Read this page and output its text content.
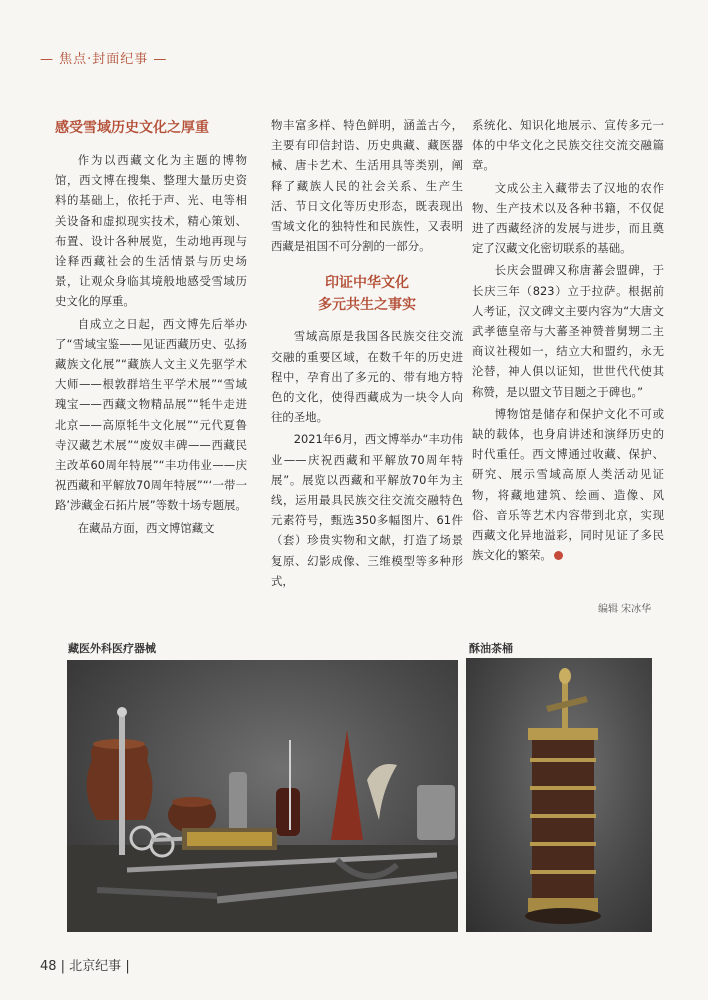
— 焦点·封面纪事 —
感受雪域历史文化之厚重

作为以西藏文化为主题的博物馆，西文博在搜集、整理大量历史资料的基础上，依托于声、光、电等相关设备和虚拟现实技术，精心策划、布置、设计各种展览，生动地再现与诠释西藏社会的生活情景与历史场景，让观众身临其境般地感受雪域历史文化的厚重。

自成立之日起，西文博先后举办了“雪域宝鉴——见证西藏历史、弘扬藏族文化展”“藏族人文主义先驱学术大师——根敦群培生平学术展”“雪域瑰宝——西藏文物精品展”“牦牛走进北京——高原牦牛文化展”“元代夏鲁寺汉藏艺术展”“废奴丰碑——西藏民主改革60周年特展”“丰功伟业——庆祝西藏和平解放70周年特展”“‘一带一路’涉藏金石拓片展”等数十场专题展。

在藏品方面，西文博馆藏文

物丰富多样、特色鲜明，涵盖古今，主要有印信封诰、历史典藏、藏医器械、唐卡艺术、生活用具等类别，阐释了藏族人民的社会关系、生产生活、节日文化等历史形态，既表现出雪域文化的独特性和民族性，又表明西藏是祖国不可分割的一部分。

印证中华文化
多元共生之事实

雪域高原是我国各民族交往交流交融的重要区域，在数千年的历史进程中，孕育出了多元的、带有地方特色的文化，使得西藏成为一块令人向往的圣地。

2021年6月，西文博举办“丰功伟业——庆祝西藏和平解放70周年特展”。展览以西藏和平解放70年为主线，运用最具民族交往交流交融特色元素符号，甄选350多幅图片、61件（套）珍贵实物和文献，打造了场景复原、幻影成像、三维模型等多种形式，

系统化、知识化地展示、宣传多元一体的中华文化之民族交往交流交融篇章。

文成公主入藏带去了汉地的农作物、生产技术以及各种书籍，不仅促进了西藏经济的发展与进步，而且奠定了汉藏文化密切联系的基础。

长庆会盟碑又称唐蕃会盟碑，于长庆三年（823）立于拉萨。根据前人考证，汉文碑文主要内容为“大唐文武孝德皇帝与大蕃圣神赞普舅甥二主商议社稷如一，结立大和盟约，永无沦替，神人俱以证知，世世代代使其称赞，是以盟文节目题之于碑也。”

博物馆是储存和保护文化不可或缺的载体，也身肩讲述和演绎历史的时代重任。西文博通过收藏、保护、研究、展示雪域高原人类活动见证物，将藏地建筑、绘画、造像、风俗、音乐等艺术内容带到北京，实现西藏文化异地溢彩，同时见证了多民族文化的繁荣。

编辑 宋冰华
藏医外科医疗器械	酥油茶桶
48 | 北京纪事 |
